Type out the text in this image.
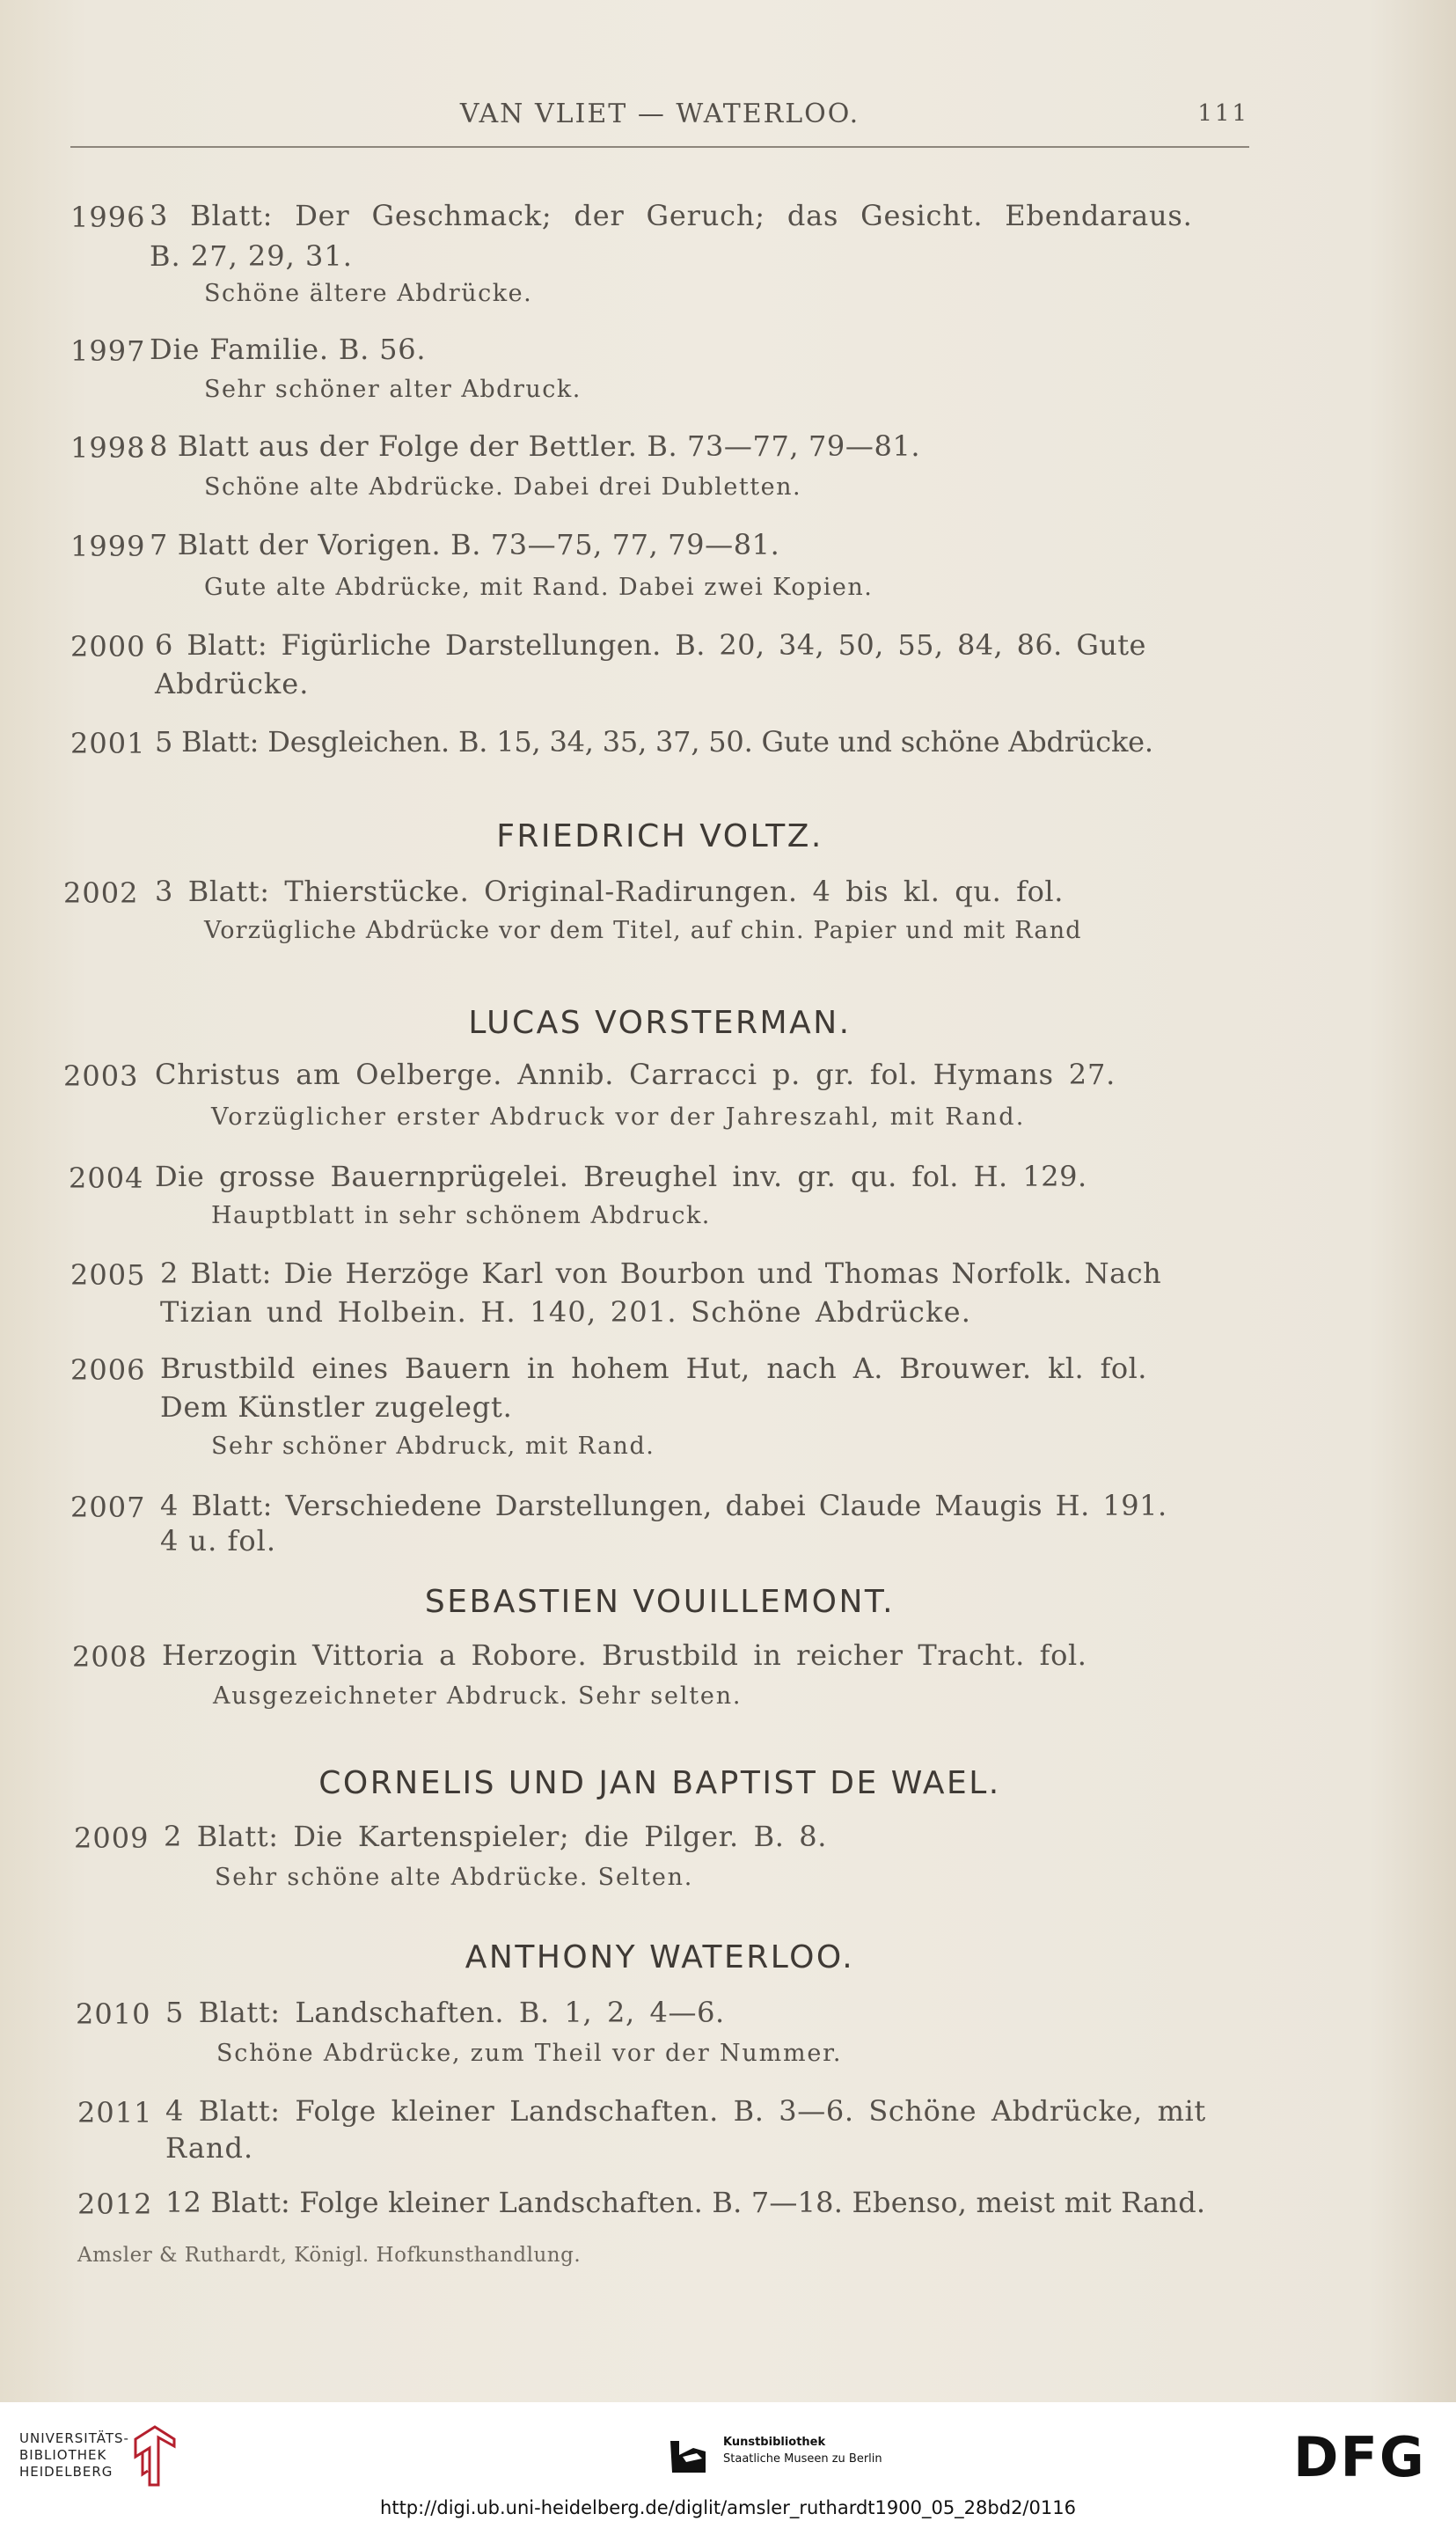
VAN VLIET — WATERLOO.	111
1996 3 Blatt: Der Geschmack; der Geruch; das Gesicht. Ebendaraus.
B. 27, 29, 31.
Schöne ältere Abdrücke.
1997 Die Familie. B. 56.
Sehr schöner alter Abdruck.
1998 8 Blatt aus der Folge der Bettler. B. 73—77, 79—81.
Schöne alte Abdrücke. Dabei drei Dubletten.
1999 7 Blatt der Vorigen. B. 73—75, 77, 79—81.
Gute alte Abdrücke, mit Rand. Dabei zwei Kopien.
2000 6 Blatt: Figürliche Darstellungen. B. 20, 34, 50, 55, 84, 86. Gute
Abdrücke.
2001 5 Blatt: Desgleichen. B. 15, 34, 35, 37, 50. Gute und schöne Abdrücke.
FRIEDRICH VOLTZ.
2002 3 Blatt: Thierstücke. Original-Radirungen. 4 bis kl. qu. fol.
Vorzügliche Abdrücke vor dem Titel, auf chin. Papier und mit Rand
LUCAS VORSTERMAN.
2003 Christus am Oelberge. Annib. Carracci p. gr. fol. Hymans 27.
Vorzüglicher erster Abdruck vor der Jahreszahl, mit Rand.
2004 Die grosse Bauernprügelei. Breughel inv. gr. qu. fol. H. 129.
Hauptblatt in sehr schönem Abdruck.
2005 2 Blatt: Die Herzöge Karl von Bourbon und Thomas Norfolk. Nach
Tizian und Holbein. H. 140, 201. Schöne Abdrücke.
2006 Brustbild eines Bauern in hohem Hut, nach A. Brouwer. kl. fol.
Dem Künstler zugelegt.
Sehr schöner Abdruck, mit Rand.
2007 4 Blatt: Verschiedene Darstellungen, dabei Claude Maugis H. 191.
4 u. fol.
SEBASTIEN VOUILLEMONT.
2008 Herzogin Vittoria a Robore. Brustbild in reicher Tracht. fol.
Ausgezeichneter Abdruck. Sehr selten.
CORNELIS UND JAN BAPTIST DE WAEL.
2009 2 Blatt: Die Kartenspieler; die Pilger. B. 8.
Sehr schöne alte Abdrücke. Selten.
ANTHONY WATERLOO.
2010 5 Blatt: Landschaften. B. 1, 2, 4—6.
Schöne Abdrücke, zum Theil vor der Nummer.
2011 4 Blatt: Folge kleiner Landschaften. B. 3—6. Schöne Abdrücke, mit
Rand.
2012 12 Blatt: Folge kleiner Landschaften. B. 7—18. Ebenso, meist mit Rand.
Amsler & Ruthardt, Königl. Hofkunsthandlung.
UNIVERSITÄTS-
BIBLIOTHEK
HEIDELBERG
Kunstbibliothek
Staatliche Museen zu Berlin	DFG
http://digi.ub.uni-heidelberg.de/diglit/amsler_ruthardt1900_05_28bd2/0116
